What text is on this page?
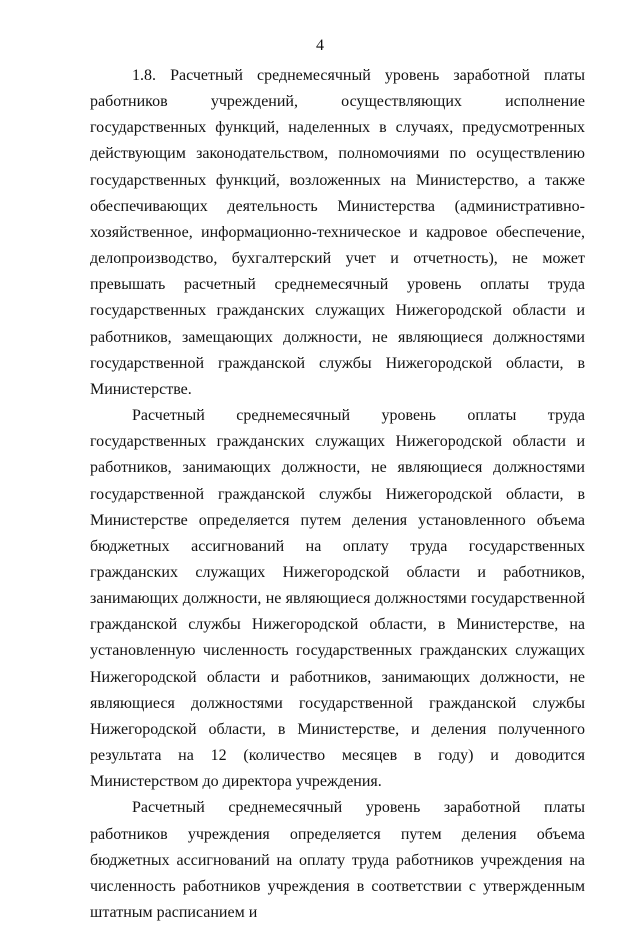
4

1.8. Расчетный среднемесячный уровень заработной платы работников учреждений, осуществляющих исполнение государственных функций, наделенных в случаях, предусмотренных действующим законодательством, полномочиями по осуществлению государственных функций, возложенных на Министерство, а также обеспечивающих деятельность Министерства (административно-хозяйственное, информационно-техническое и кадровое обеспечение, делопроизводство, бухгалтерский учет и отчетность), не может превышать расчетный среднемесячный уровень оплаты труда государственных гражданских служащих Нижегородской области и работников, замещающих должности, не являющиеся должностями государственной гражданской службы Нижегородской области, в Министерстве.

Расчетный среднемесячный уровень оплаты труда государственных гражданских служащих Нижегородской области и работников, занимающих должности, не являющиеся должностями государственной гражданской службы Нижегородской области, в Министерстве определяется путем деления установленного объема бюджетных ассигнований на оплату труда государственных гражданских служащих Нижегородской области и работников, занимающих должности, не являющиеся должностями государственной гражданской службы Нижегородской области, в Министерстве, на установленную численность государственных гражданских служащих Нижегородской области и работников, занимающих должности, не являющиеся должностями государственной гражданской службы Нижегородской области, в Министерстве, и деления полученного результата на 12 (количество месяцев в году) и доводится Министерством до директора учреждения.

Расчетный среднемесячный уровень заработной платы работников учреждения определяется путем деления объема бюджетных ассигнований на оплату труда работников учреждения на численность работников учреждения в соответствии с утвержденным штатным расписанием и
